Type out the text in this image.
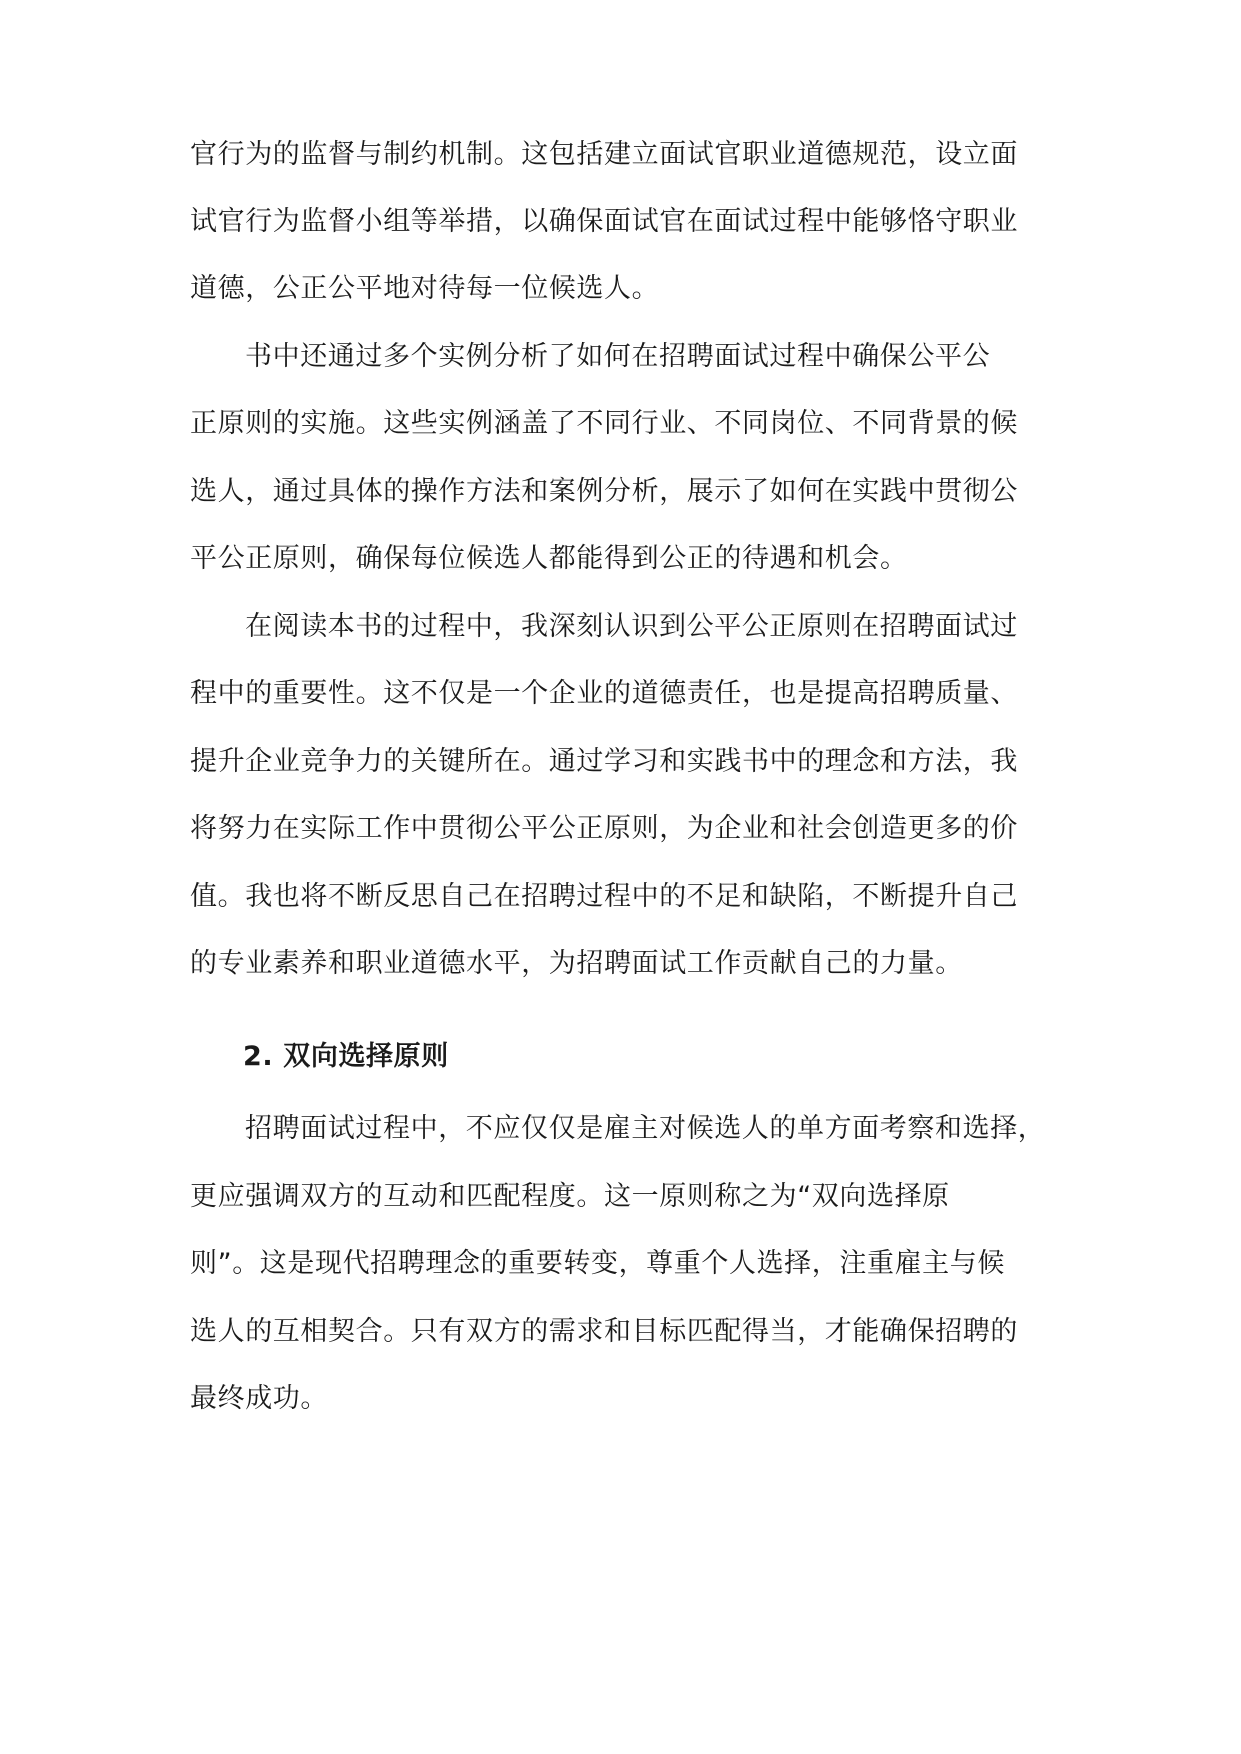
官行为的监督与制约机制。这包括建立面试官职业道德规范，设立面
试官行为监督小组等举措，以确保面试官在面试过程中能够恪守职业
道德，公正公平地对待每一位候选人。
书中还通过多个实例分析了如何在招聘面试过程中确保公平公
正原则的实施。这些实例涵盖了不同行业、不同岗位、不同背景的候
选人，通过具体的操作方法和案例分析，展示了如何在实践中贯彻公
平公正原则，确保每位候选人都能得到公正的待遇和机会。
在阅读本书的过程中，我深刻认识到公平公正原则在招聘面试过
程中的重要性。这不仅是一个企业的道德责任，也是提高招聘质量、
提升企业竞争力的关键所在。通过学习和实践书中的理念和方法，我
将努力在实际工作中贯彻公平公正原则，为企业和社会创造更多的价
值。我也将不断反思自己在招聘过程中的不足和缺陷，不断提升自己
的专业素养和职业道德水平，为招聘面试工作贡献自己的力量。
2. 双向选择原则
招聘面试过程中，不应仅仅是雇主对候选人的单方面考察和选择，
更应强调双方的互动和匹配程度。这一原则称之为“双向选择原
则”。这是现代招聘理念的重要转变，尊重个人选择，注重雇主与候
选人的互相契合。只有双方的需求和目标匹配得当，才能确保招聘的
最终成功。
